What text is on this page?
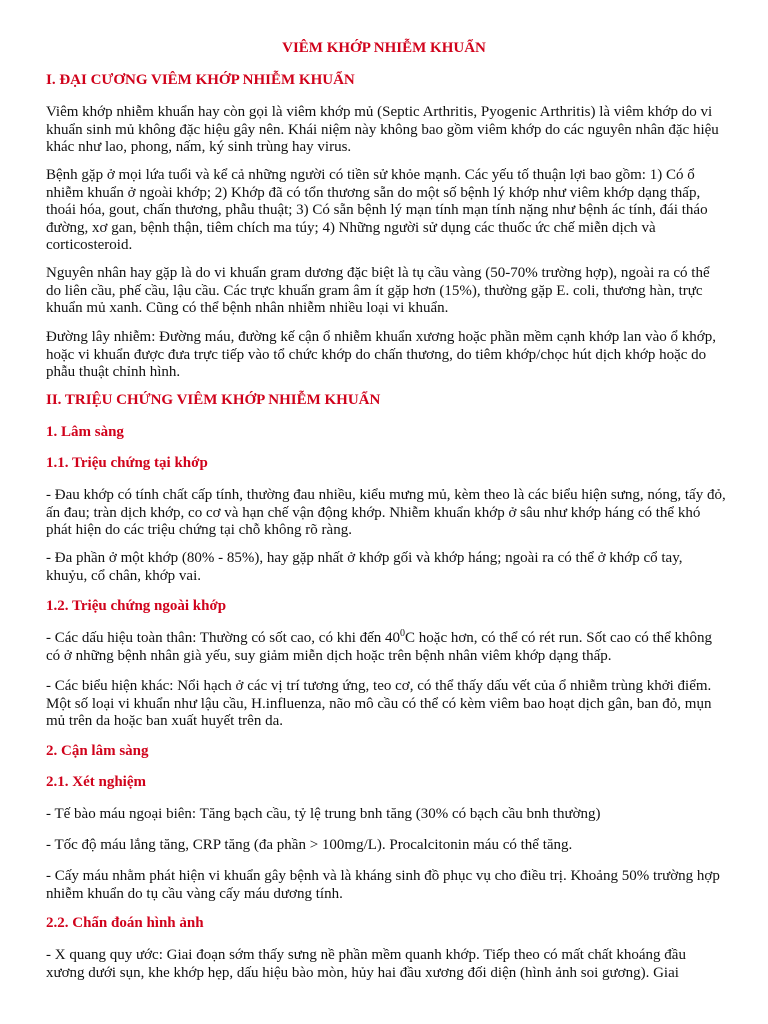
VIÊM KHỚP NHIỄM KHUẨN
I. ĐẠI CƯƠNG VIÊM KHỚP NHIỄM KHUẨN

Viêm khớp nhiễm khuẩn hay còn gọi là viêm khớp mủ (Septic Arthritis, Pyogenic Arthritis) là viêm khớp do vi khuẩn sinh mủ không đặc hiệu gây nên. Khái niệm này không bao gồm viêm khớp do các nguyên nhân đặc hiệu khác như lao, phong, nấm, ký sinh trùng hay virus.

Bệnh gặp ở mọi lứa tuổi và kể cả những người có tiền sử khỏe mạnh. Các yếu tố thuận lợi bao gồm: 1) Có ổ nhiễm khuẩn ở ngoài khớp; 2) Khớp đã có tổn thương sẵn do một số bệnh lý khớp như viêm khớp dạng thấp, thoái hóa, gout, chấn thương, phẫu thuật; 3) Có sẵn bệnh lý mạn tính mạn tính nặng như bệnh ác tính, đái tháo đường, xơ gan, bệnh thận, tiêm chích ma túy; 4) Những người sử dụng các thuốc ức chế miễn dịch và corticosteroid.

Nguyên nhân hay gặp là do vi khuẩn gram dương đặc biệt là tụ cầu vàng (50-70% trường hợp), ngoài ra có thể do liên cầu, phế cầu, lậu cầu. Các trực khuẩn gram âm ít gặp hơn (15%), thường gặp E. coli, thương hàn, trực khuẩn mủ xanh. Cũng có thể bệnh nhân nhiễm nhiều loại vi khuẩn.

Đường lây nhiễm: Đường máu, đường kế cận ổ nhiễm khuẩn xương hoặc phần mềm cạnh khớp lan vào ổ khớp, hoặc vi khuẩn được đưa trực tiếp vào tổ chức khớp do chấn thương, do tiêm khớp/chọc hút dịch khớp hoặc do phẫu thuật chỉnh hình.

II. TRIỆU CHỨNG VIÊM KHỚP NHIỄM KHUẨN
1. Lâm sàng
1.1. Triệu chứng tại khớp

- Đau khớp có tính chất cấp tính, thường đau nhiều, kiểu mưng mủ, kèm theo là các biểu hiện sưng, nóng, tấy đỏ, ấn đau; tràn dịch khớp, co cơ và hạn chế vận động khớp. Nhiễm khuẩn khớp ở sâu như khớp háng có thể khó phát hiện do các triệu chứng tại chỗ không rõ ràng.

- Đa phần ở một khớp (80% - 85%), hay gặp nhất ở khớp gối và khớp háng; ngoài ra có thể ở khớp cổ tay, khuỷu, cổ chân, khớp vai.

1.2. Triệu chứng ngoài khớp

- Các dấu hiệu toàn thân: Thường có sốt cao, có khi đến $40^0C$ hoặc hơn, có thể có rét run. Sốt cao có thể không có ở những bệnh nhân già yếu, suy giảm miễn dịch hoặc trên bệnh nhân viêm khớp dạng thấp.

- Các biểu hiện khác: Nổi hạch ở các vị trí tương ứng, teo cơ, có thể thấy dấu vết của ổ nhiễm trùng khởi điểm. Một số loại vi khuẩn như lậu cầu, H.influenza, não mô cầu có thể có kèm viêm bao hoạt dịch gân, ban đỏ, mụn mủ trên da hoặc ban xuất huyết trên da.

2. Cận lâm sàng
2.1. Xét nghiệm

- Tế bào máu ngoại biên: Tăng bạch cầu, tỷ lệ trung bnh tăng (30% có bạch cầu bnh thường)

- Tốc độ máu lắng tăng, CRP tăng (đa phần > 100mg/L). Procalcitonin máu có thể tăng.

- Cấy máu nhằm phát hiện vi khuẩn gây bệnh và là kháng sinh đồ phục vụ cho điều trị. Khoảng 50% trường hợp nhiễm khuẩn do tụ cầu vàng cấy máu dương tính.

2.2. Chẩn đoán hình ảnh

- X quang quy ước: Giai đoạn sớm thấy sưng nề phần mềm quanh khớp. Tiếp theo có mất chất khoáng đầu xương dưới sụn, khe khớp hẹp, dấu hiệu bào mòn, hủy hai đầu xương đối diện (hình ảnh soi gương). Giai
